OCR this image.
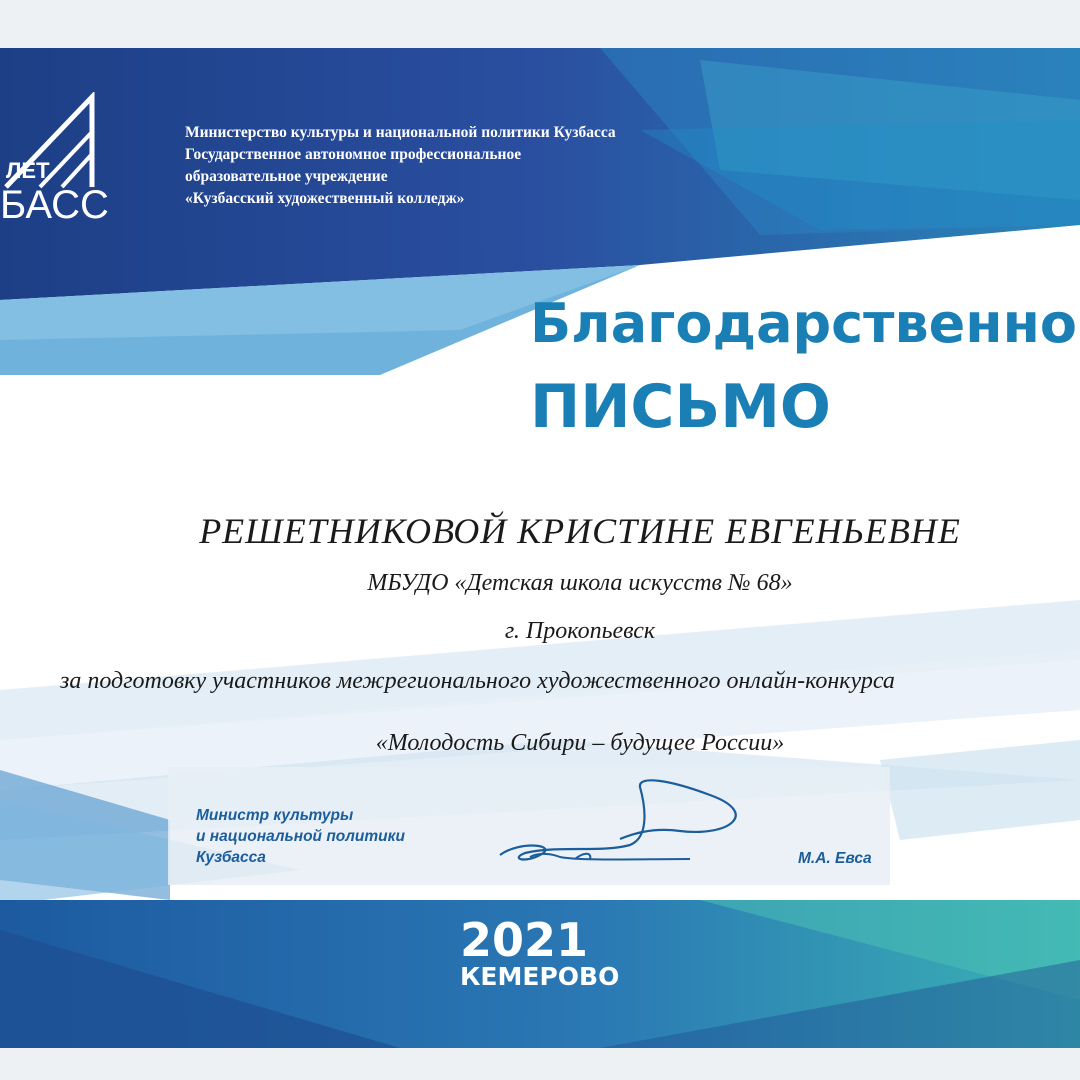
ЛЕТ
БАСС
Министерство культуры и национальной политики Кузбасса
Государственное автономное профессиональное
образовательное учреждение
«Кузбасский художественный колледж»
Благодарственно
ПИСЬМО
РЕШЕТНИКОВОЙ КРИСТИНЕ ЕВГЕНЬЕВНЕ
МБУДО «Детская школа искусств № 68»
г. Прокопьевск
за подготовку участников межрегионального художественного онлайн-конкурса
«Молодость Сибири – будущее России»
Министр культуры
и национальной политики
Кузбасса	М.А. Евса
2021
КЕМЕРОВО
